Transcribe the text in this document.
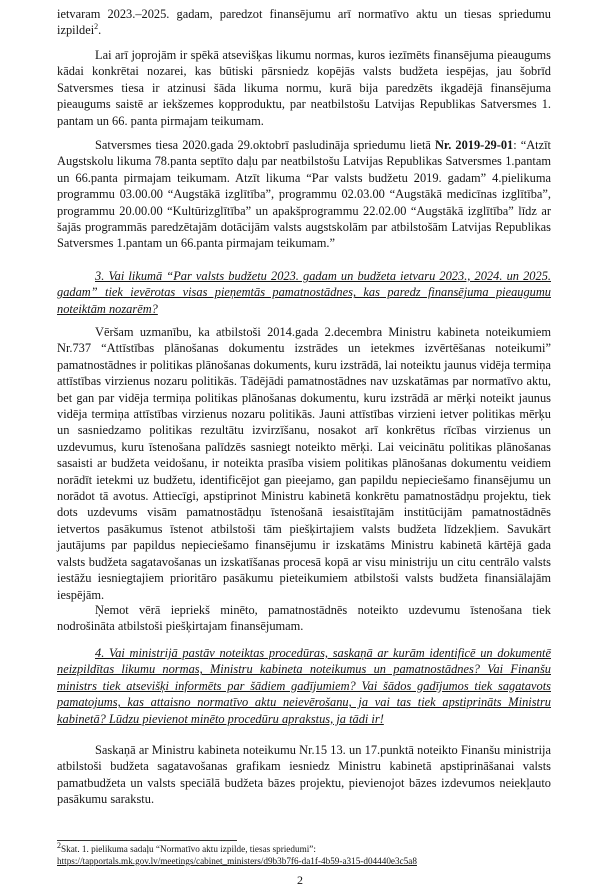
ietvaram 2023.–2025. gadam, paredzot finansējumu arī normatīvo aktu un tiesas spriedumu izpildei$^2$.
Lai arī joprojām ir spēkā atsevišķas likumu normas, kuros iezīmēts finansējuma pieaugums kādai konkrētai nozarei, kas būtiski pārsniedz kopējās valsts budžeta iespējas, jau šobrīd Satversmes tiesa ir atzinusi šāda likuma normu, kurā bija paredzēts ikgadējā finansējuma pieaugums saistē ar iekšzemes kopproduktu, par neatbilstošu Latvijas Republikas Satversmes 1. pantam un 66. panta pirmajam teikumam.
Satversmes tiesa 2020.gada 29.oktobrī pasludināja spriedumu lietā Nr. 2019-29-01: “Atzīt Augstskolu likuma 78.panta septīto daļu par neatbilstošu Latvijas Republikas Satversmes 1.pantam un 66.panta pirmajam teikumam. Atzīt likuma “Par valsts budžetu 2019. gadam” 4.pielikuma programmu 03.00.00 “Augstākā izglītība”, programmu 02.03.00 “Augstākā medicīnas izglītība”, programmu 20.00.00 “Kultūrizglītība” un apakšprogrammu 22.02.00 “Augstākā izglītība” līdz ar šajās programmās paredzētajām dotācijām valsts augstskolām par atbilstošām Latvijas Republikas Satversmes 1.pantam un 66.panta pirmajam teikumam.”
3. Vai likumā “Par valsts budžetu 2023. gadam un budžeta ietvaru 2023., 2024. un 2025. gadam” tiek ievērotas visas pieņemtās pamatnostādnes, kas paredz finansējuma pieaugumu noteiktām nozarēm?
Vēršam uzmanību, ka atbilstoši 2014.gada 2.decembra Ministru kabineta noteikumiem Nr.737 “Attīstības plānošanas dokumentu izstrādes un ietekmes izvērtēšanas noteikumi” pamatnostādnes ir politikas plānošanas dokuments, kuru izstrādā, lai noteiktu jaunus vidēja termiņa attīstības virzienus nozaru politikās. Tādējādi pamatnostādnes nav uzskatāmas par normatīvo aktu, bet gan par vidēja termiņa politikas plānošanas dokumentu, kuru izstrādā ar mērķi noteikt jaunus vidēja termiņa attīstības virzienus nozaru politikās. Jauni attīstības virzieni ietver politikas mērķu un sasniedzamo politikas rezultātu izvirzīšanu, nosakot arī konkrētus rīcības virzienus un uzdevumus, kuru īstenošana palīdzēs sasniegt noteikto mērķi. Lai veicinātu politikas plānošanas sasaisti ar budžeta veidošanu, ir noteikta prasība visiem politikas plānošanas dokumentu veidiem norādīt ietekmi uz budžetu, identificējot gan pieejamo, gan papildu nepieciešamo finansējumu un norādot tā avotus. Attiecīgi, apstiprinot Ministru kabinetā konkrētu pamatnostādņu projektu, tiek dots uzdevums visām pamatnostādņu īstenošanā iesaistītajām institūcijām pamatnostādnēs ietvertos pasākumus īstenot atbilstoši tām piešķirtajiem valsts budžeta līdzekļiem. Savukārt jautājums par papildus nepieciešamo finansējumu ir izskatāms Ministru kabinetā kārtējā gada valsts budžeta sagatavošanas un izskatīšanas procesā kopā ar visu ministriju un citu centrālo valsts iestāžu iesniegtajiem prioritāro pasākumu pieteikumiem atbilstoši valsts budžeta finansiālajām iespējām.
Ņemot vērā iepriekš minēto, pamatnostādnēs noteikto uzdevumu īstenošana tiek nodrošināta atbilstoši piešķirtajam finansējumam.
4. Vai ministrijā pastāv noteiktas procedūras, saskaņā ar kurām identificē un dokumentē neizpildītas likumu normas, Ministru kabineta noteikumus un pamatnostādnes? Vai Finanšu ministrs tiek atsevišķi informēts par šādiem gadījumiem? Vai šādos gadījumos tiek sagatavots pamatojums, kas attaisno normatīvo aktu neievērošanu, ja vai tas tiek apstiprināts Ministru kabinetā? Lūdzu pievienot minēto procedūru aprakstus, ja tādi ir!
Saskaņā ar Ministru kabineta noteikumu Nr.15 13. un 17.punktā noteikto Finanšu ministrija atbilstoši budžeta sagatavošanas grafikam iesniedz Ministru kabinetā apstiprināšanai valsts pamatbudžeta un valsts speciālā budžeta bāzes projektu, pievienojot bāzes izdevumos neiekļauto pasākumu sarakstu.
$^2$Skat. 1. pielikuma sadaļu “Normatīvo aktu izpilde, tiesas spriedumi”:
https://tapportals.mk.gov.lv/meetings/cabinet_ministers/d9b3b7f6-da1f-4b59-a315-d04440e3c5a8
2
